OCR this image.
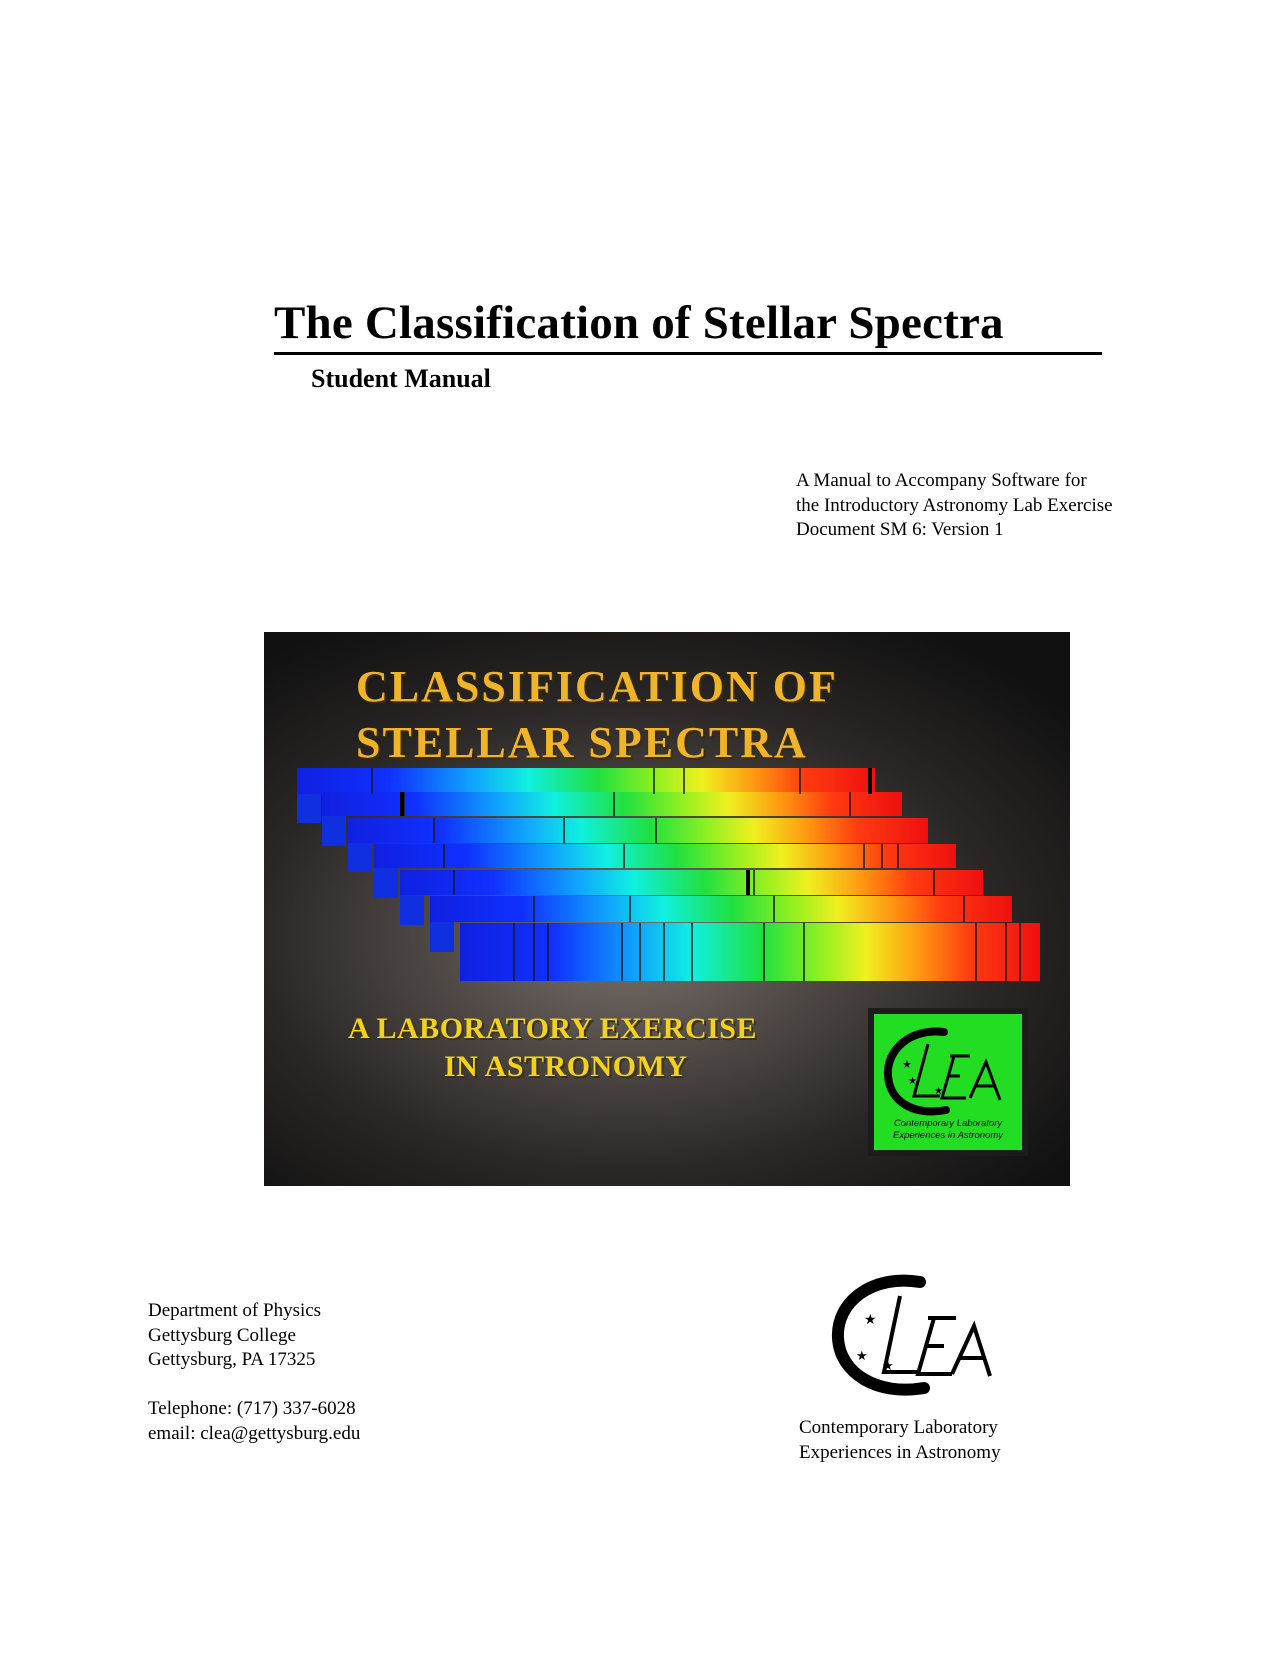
The Classification of Stellar Spectra
Student Manual
A Manual to Accompany Software for
the Introductory Astronomy Lab Exercise
Document SM 6: Version 1
CLASSIFICATION OF
STELLAR SPECTRA
A LABORATORY EXERCISE
IN ASTRONOMY	★
★
★
Contemporary Laboratory
Experiences in Astronomy
Department of Physics
Gettysburg College
Gettysburg, PA 17325
Telephone: (717) 337-6028
email: clea@gettysburg.edu
★
★
★
Contemporary Laboratory
Experiences in Astronomy
